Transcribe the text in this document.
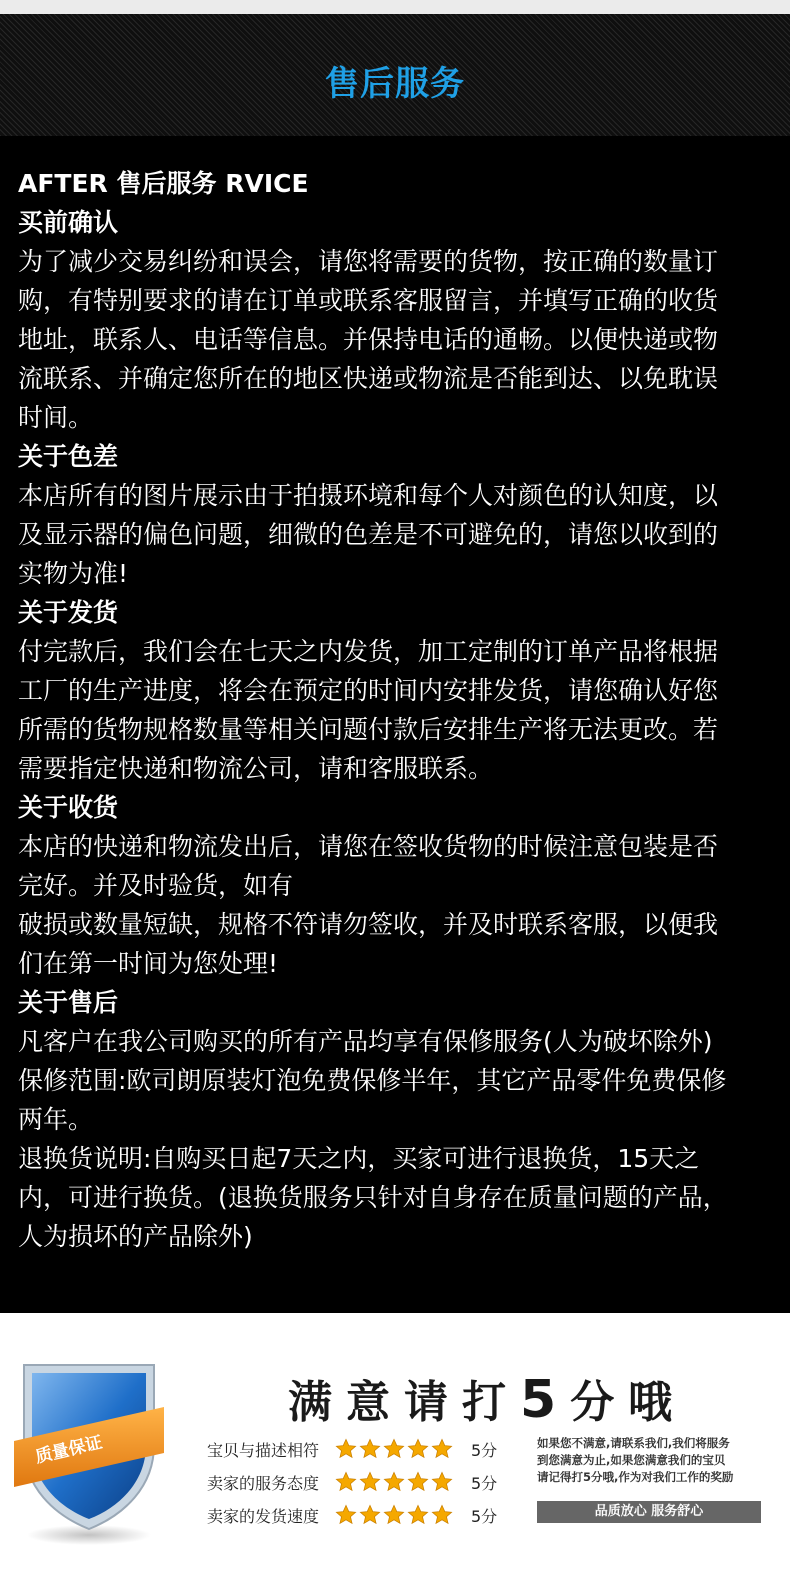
售后服务
AFTER 售后服务 RVICE
买前确认
为了减少交易纠纷和误会，请您将需要的货物，按正确的数量订
购，有特别要求的请在订单或联系客服留言，并填写正确的收货
地址，联系人、电话等信息。并保持电话的通畅。以便快递或物
流联系、并确定您所在的地区快递或物流是否能到达、以免耽误
时间。
关于色差
本店所有的图片展示由于拍摄环境和每个人对颜色的认知度，以
及显示器的偏色问题，细微的色差是不可避免的，请您以收到的
实物为准!
关于发货
付完款后，我们会在七天之内发货，加工定制的订单产品将根据
工厂的生产进度，将会在预定的时间内安排发货，请您确认好您
所需的货物规格数量等相关问题付款后安排生产将无法更改。若
需要指定快递和物流公司，请和客服联系。
关于收货
本店的快递和物流发出后，请您在签收货物的时候注意包装是否
完好。并及时验货，如有
破损或数量短缺，规格不符请勿签收，并及时联系客服，以便我
们在第一时间为您处理!
关于售后
凡客户在我公司购买的所有产品均享有保修服务(人为破坏除外)
保修范围:欧司朗原装灯泡免费保修半年，其它产品零件免费保修
两年。
退换货说明:自购买日起7天之内，买家可进行退换货，15天之
内，可进行换货。(退换货服务只针对自身存在质量问题的产品，
人为损坏的产品除外)
质量保证
满意请打5分哦
宝贝与描述相符	5分
卖家的服务态度	5分
卖家的发货速度	5分
如果您不满意,请联系我们,我们将服务
到您满意为止,如果您满意我们的宝贝
请记得打5分哦,作为对我们工作的奖励
品质放心 服务舒心
